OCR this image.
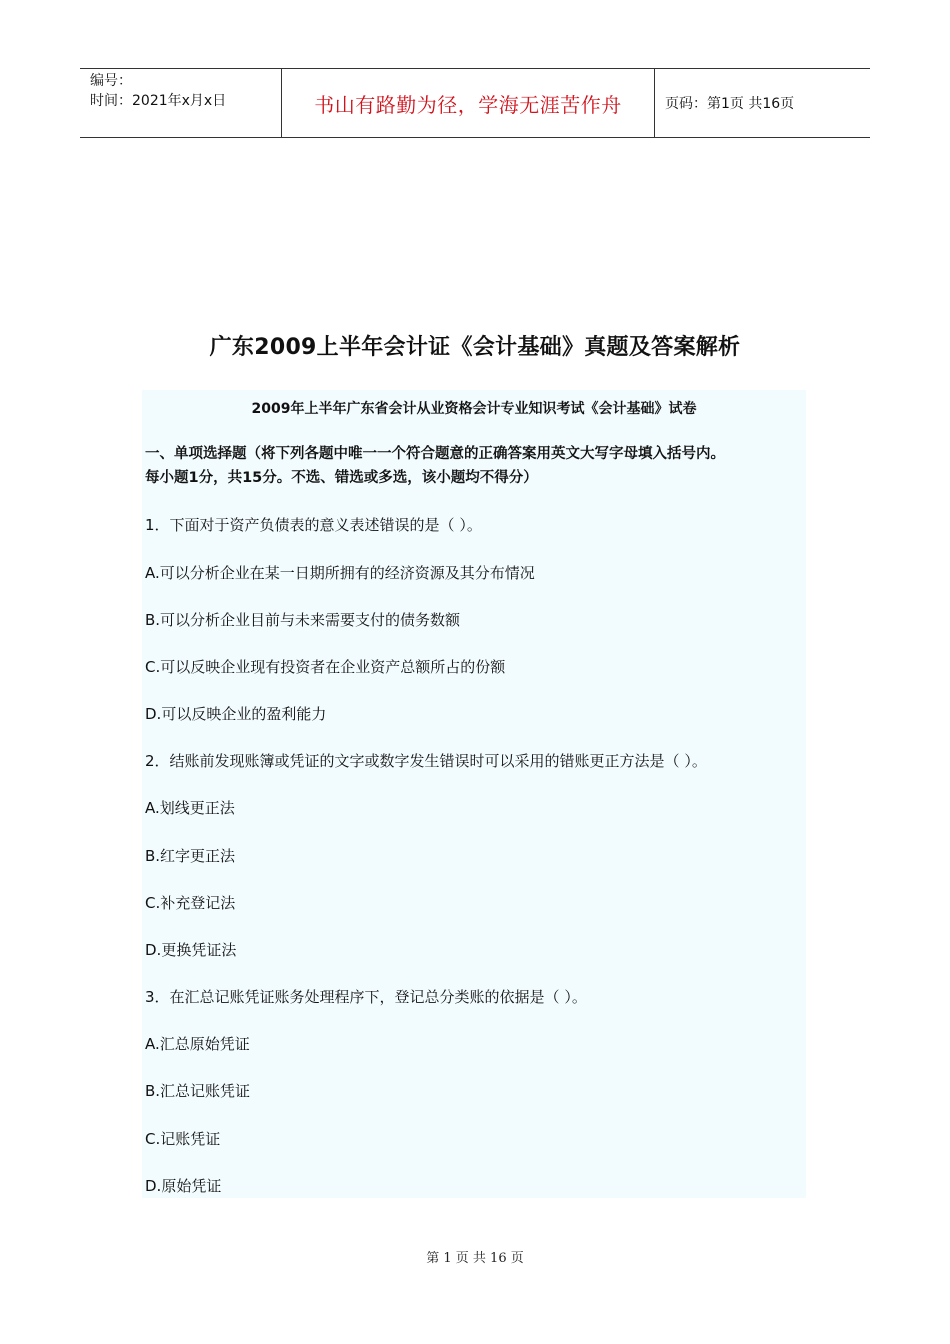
编号：
时间：2021年x月x日	书山有路勤为径，学海无涯苦作舟	页码：第1页 共16页
广东2009上半年会计证《会计基础》真题及答案解析
2009年上半年广东省会计从业资格会计专业知识考试《会计基础》试卷
一、单项选择题（将下列各题中唯一一个符合题意的正确答案用英文大写字母填入括号内。
每小题1分，共15分。不选、错选或多选，该小题均不得分）
1．下面对于资产负债表的意义表述错误的是（ ）。
A.可以分析企业在某一日期所拥有的经济资源及其分布情况
B.可以分析企业目前与未来需要支付的债务数额
C.可以反映企业现有投资者在企业资产总额所占的份额
D.可以反映企业的盈利能力
2．结账前发现账簿或凭证的文字或数字发生错误时可以采用的错账更正方法是（ ）。
A.划线更正法
B.红字更正法
C.补充登记法
D.更换凭证法
3．在汇总记账凭证账务处理程序下，登记总分类账的依据是（ ）。
A.汇总原始凭证
B.汇总记账凭证
C.记账凭证
D.原始凭证
第 1 页 共 16 页
